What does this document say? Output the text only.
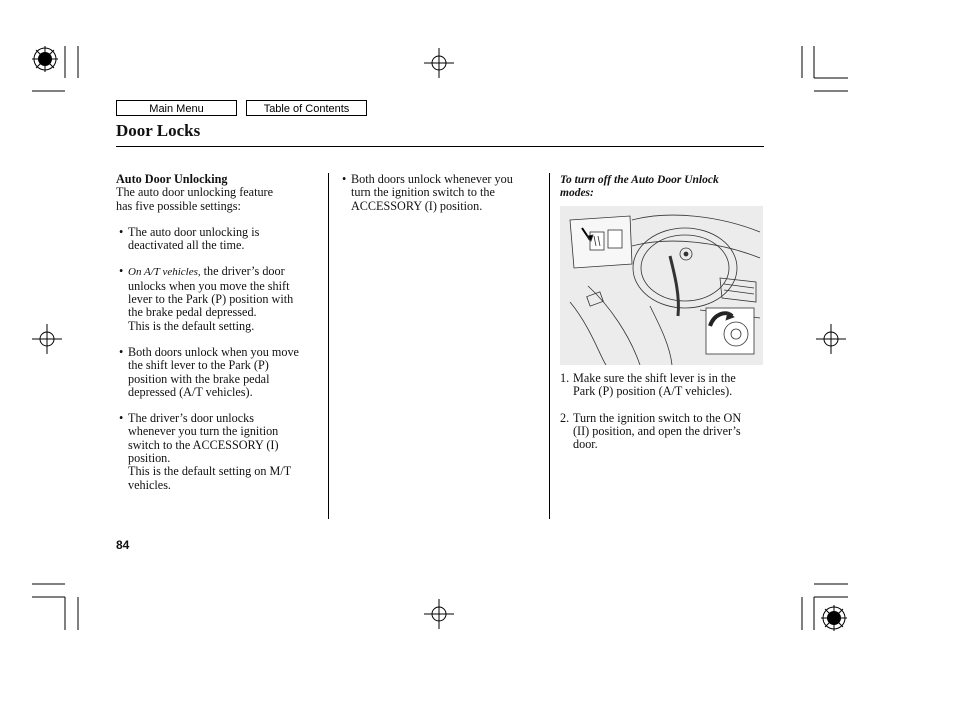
Main Menu	Table of Contents
Door Locks

Auto Door Unlocking

The auto door unlocking feature

has five possible settings:

• The auto door unlocking is

deactivated all the time.

• On A/T vehicles, the driver’s door

unlocks when you move the shift

lever to the Park (P) position with

the brake pedal depressed.

This is the default setting.

• Both doors unlock when you move

the shift lever to the Park (P)

position with the brake pedal

depressed (A/T vehicles).

• The driver’s door unlocks

whenever you turn the ignition

switch to the ACCESSORY (I)

position.

This is the default setting on M/T

vehicles.

• Both doors unlock whenever you

turn the ignition switch to the

ACCESSORY (I) position.

To turn off the Auto Door Unlock

modes:

1. Make sure the shift lever is in the

Park (P) position (A/T vehicles).

2. Turn the ignition switch to the ON

(II) position, and open the driver’s

door.

84
